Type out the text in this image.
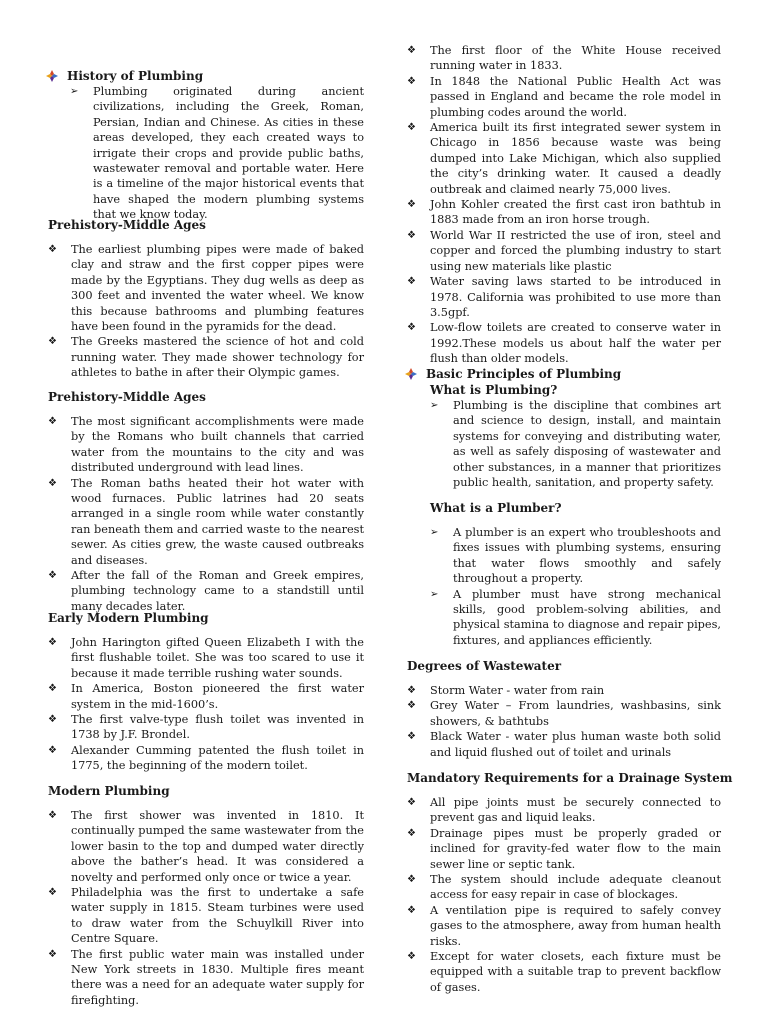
History of Plumbing
➢ Plumbing originated during ancient civilizations, including the Greek, Roman, Persian, Indian and Chinese. As cities in these areas developed, they each created ways to irrigate their crops and provide public baths, wastewater removal and portable water. Here is a timeline of the major historical events that have shaped the modern plumbing systems that we know today.
Prehistory-Middle Ages
❖ The earliest plumbing pipes were made of baked clay and straw and the first copper pipes were made by the Egyptians. They dug wells as deep as 300 feet and invented the water wheel. We know this because bathrooms and plumbing features have been found in the pyramids for the dead.
❖ The Greeks mastered the science of hot and cold running water. They made shower technology for athletes to bathe in after their Olympic games.
Prehistory-Middle Ages
❖ The most significant accomplishments were made by the Romans who built channels that carried water from the mountains to the city and was distributed underground with lead lines.
❖ The Roman baths heated their hot water with wood furnaces. Public latrines had 20 seats arranged in a single room while water constantly ran beneath them and carried waste to the nearest sewer. As cities grew, the waste caused outbreaks and diseases.
❖ After the fall of the Roman and Greek empires, plumbing technology came to a standstill until many decades later.
Early Modern Plumbing
❖ John Harington gifted Queen Elizabeth I with the first flushable toilet. She was too scared to use it because it made terrible rushing water sounds.
❖ In America, Boston pioneered the first water system in the mid-1600’s.
❖ The first valve-type flush toilet was invented in 1738 by J.F. Brondel.
❖ Alexander Cumming patented the flush toilet in 1775, the beginning of the modern toilet.
Modern Plumbing
❖ The first shower was invented in 1810. It continually pumped the same wastewater from the lower basin to the top and dumped water directly above the bather’s head. It was considered a novelty and performed only once or twice a year.
❖ Philadelphia was the first to undertake a safe water supply in 1815. Steam turbines were used to draw water from the Schuylkill River into Centre Square.
❖ The first public water main was installed under New York streets in 1830. Multiple fires meant there was a need for an adequate water supply for firefighting.
❖ The first floor of the White House received running water in 1833.
❖ In 1848 the National Public Health Act was passed in England and became the role model in plumbing codes around the world.
❖ America built its first integrated sewer system in Chicago in 1856 because waste was being dumped into Lake Michigan, which also supplied the city’s drinking water. It caused a deadly outbreak and claimed nearly 75,000 lives.
❖ John Kohler created the first cast iron bathtub in 1883 made from an iron horse trough.
❖ World War II restricted the use of iron, steel and copper and forced the plumbing industry to start using new materials like plastic
❖ Water saving laws started to be introduced in 1978. California was prohibited to use more than 3.5gpf.
❖ Low-flow toilets are created to conserve water in 1992.These models us about half the water per flush than older models.
Basic Principles of Plumbing
What is Plumbing?
➢ Plumbing is the discipline that combines art and science to design, install, and maintain systems for conveying and distributing water, as well as safely disposing of wastewater and other substances, in a manner that prioritizes public health, sanitation, and property safety.
What is a Plumber?
➢ A plumber is an expert who troubleshoots and fixes issues with plumbing systems, ensuring that water flows smoothly and safely throughout a property.
➢ A plumber must have strong mechanical skills, good problem-solving abilities, and physical stamina to diagnose and repair pipes, fixtures, and appliances efficiently.
Degrees of Wastewater
❖ Storm Water - water from rain
❖ Grey Water – From laundries, washbasins, sink showers, & bathtubs
❖ Black Water - water plus human waste both solid and liquid flushed out of toilet and urinals
Mandatory Requirements for a Drainage System
❖ All pipe joints must be securely connected to prevent gas and liquid leaks.
❖ Drainage pipes must be properly graded or inclined for gravity-fed water flow to the main sewer line or septic tank.
❖ The system should include adequate cleanout access for easy repair in case of blockages.
❖ A ventilation pipe is required to safely convey gases to the atmosphere, away from human health risks.
❖ Except for water closets, each fixture must be equipped with a suitable trap to prevent backflow of gases.
